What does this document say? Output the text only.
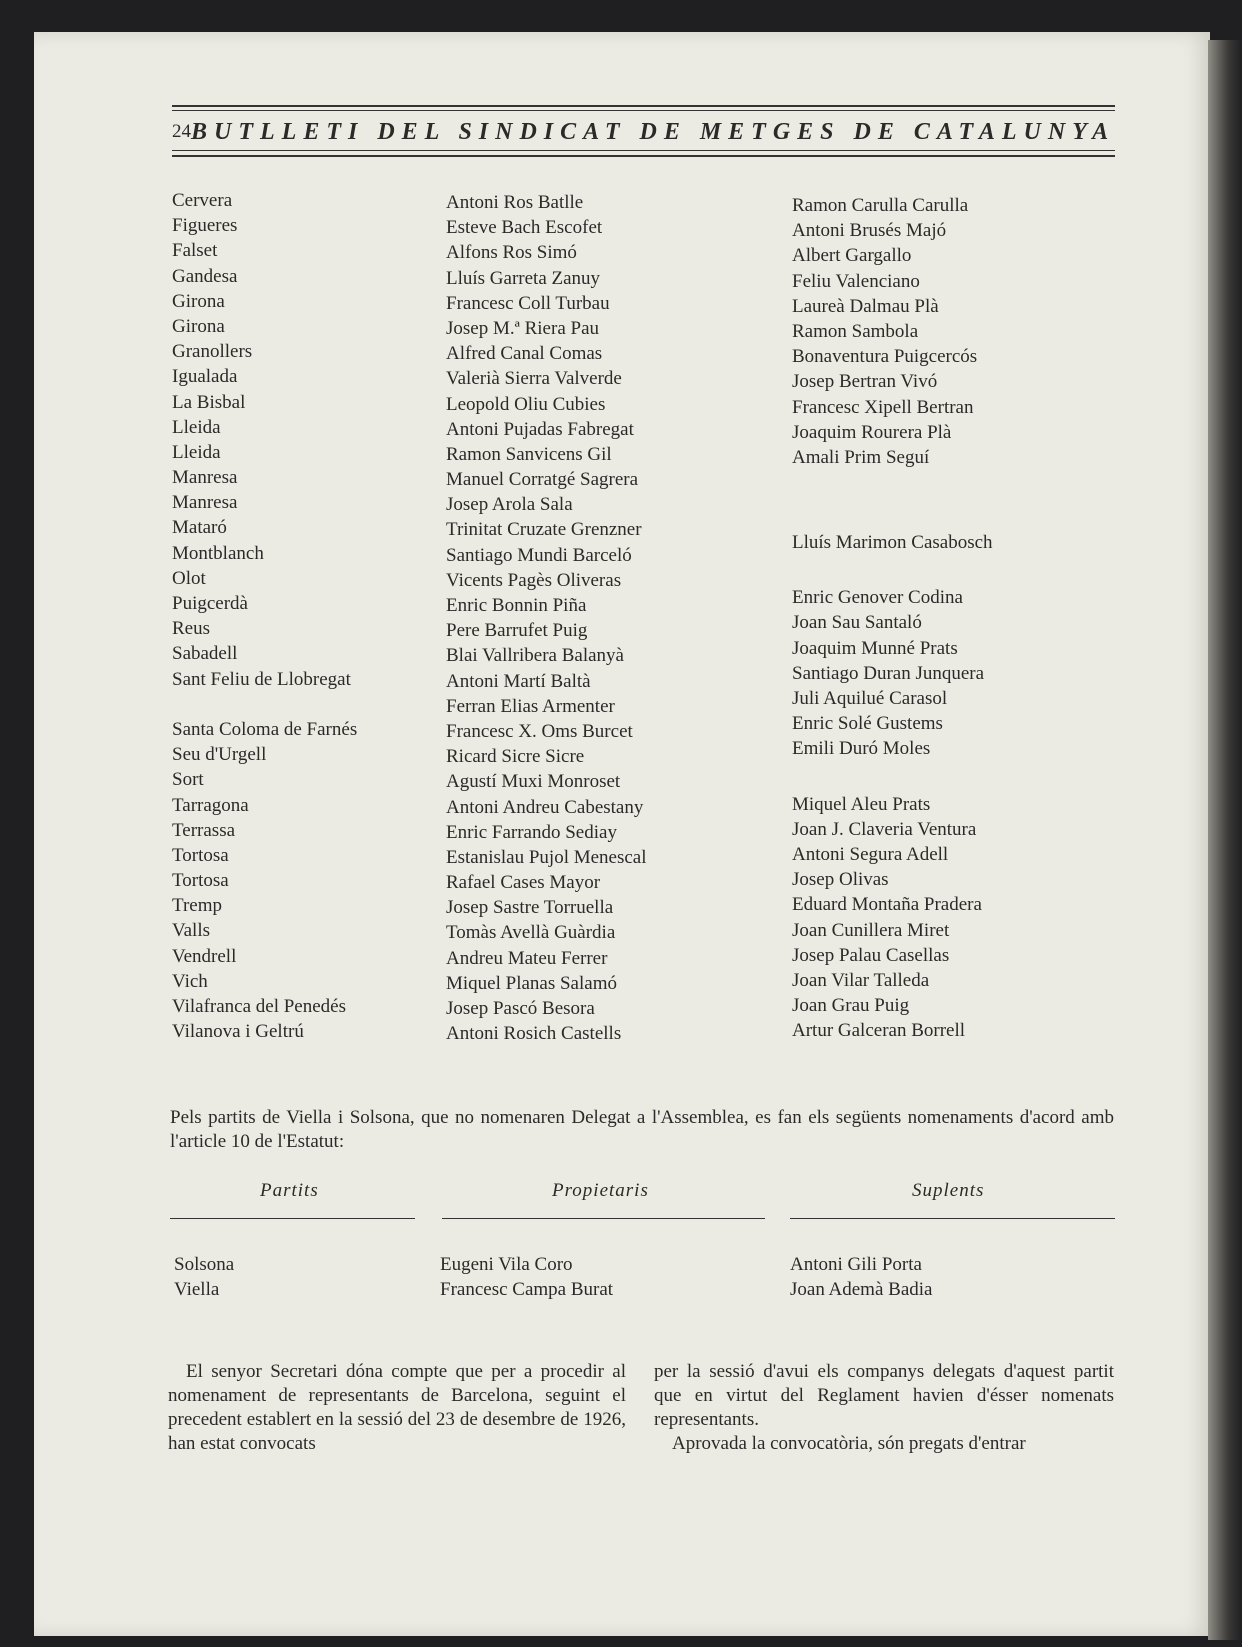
24 BUTLLETI DEL SINDICAT DE METGES DE CATALUNYA
Cervera
Figueres
Falset
Gandesa
Girona
Girona
Granollers
Igualada
La Bisbal
Lleida
Lleida
Manresa
Manresa
Mataró
Montblanch
Olot
Puigcerdà
Reus
Sabadell
Sant Feliu de Llobregat
Santa Coloma de Farnés
Seu d'Urgell
Sort
Tarragona
Terrassa
Tortosa
Tortosa
Tremp
Valls
Vendrell
Vich
Vilafranca del Penedés
Vilanova i Geltrú
Antoni Ros Batlle
Esteve Bach Escofet
Alfons Ros Simó
Lluís Garreta Zanuy
Francesc Coll Turbau
Josep M.ª Riera Pau
Alfred Canal Comas
Valerià Sierra Valverde
Leopold Oliu Cubies
Antoni Pujadas Fabregat
Ramon Sanvicens Gil
Manuel Corratgé Sagrera
Josep Arola Sala
Trinitat Cruzate Grenzner
Santiago Mundi Barceló
Vicents Pagès Oliveras
Enric Bonnin Piña
Pere Barrufet Puig
Blai Vallribera Balanyà
Antoni Martí Baltà
Ferran Elias Armenter
Francesc X. Oms Burcet
Ricard Sicre Sicre
Agustí Muxi Monroset
Antoni Andreu Cabestany
Enric Farrando Sediay
Estanislau Pujol Menescal
Rafael Cases Mayor
Josep Sastre Torruella
Tomàs Avellà Guàrdia
Andreu Mateu Ferrer
Miquel Planas Salamó
Josep Pascó Besora
Antoni Rosich Castells
Ramon Carulla Carulla
Antoni Brusés Majó
Albert Gargallo
Feliu Valenciano
Laureà Dalmau Plà
Ramon Sambola
Bonaventura Puigcercós
Josep Bertran Vivó
Francesc Xipell Bertran
Joaquim Rourera Plà
Amali Prim Seguí
Lluís Marimon Casabosch
Enric Genover Codina
Joan Sau Santaló
Joaquim Munné Prats
Santiago Duran Junquera
Juli Aquilué Carasol
Enric Solé Gustems
Emili Duró Moles
Miquel Aleu Prats
Joan J. Claveria Ventura
Antoni Segura Adell
Josep Olivas
Eduard Montaña Pradera
Joan Cunillera Miret
Josep Palau Casellas
Joan Vilar Talleda
Joan Grau Puig
Artur Galceran Borrell
Pels partits de Viella i Solsona, que no nomenaren Delegat a l'Assemblea, es fan els següents nomenaments d'acord amb l'article 10 de l'Estatut:
Partits	Propietaris	Suplents
Solsona
Viella
Eugeni Vila Coro
Francesc Campa Burat
Antoni Gili Porta
Joan Ademà Badia
El senyor Secretari dóna compte que per a procedir al nomenament de representants de Barcelona, seguint el precedent establert en la sessió del 23 de desembre de 1926, han estat convocats
per la sessió d'avui els companys delegats d'aquest partit que en virtut del Reglament havien d'ésser nomenats representants.
Aprovada la convocatòria, són pregats d'entrar
